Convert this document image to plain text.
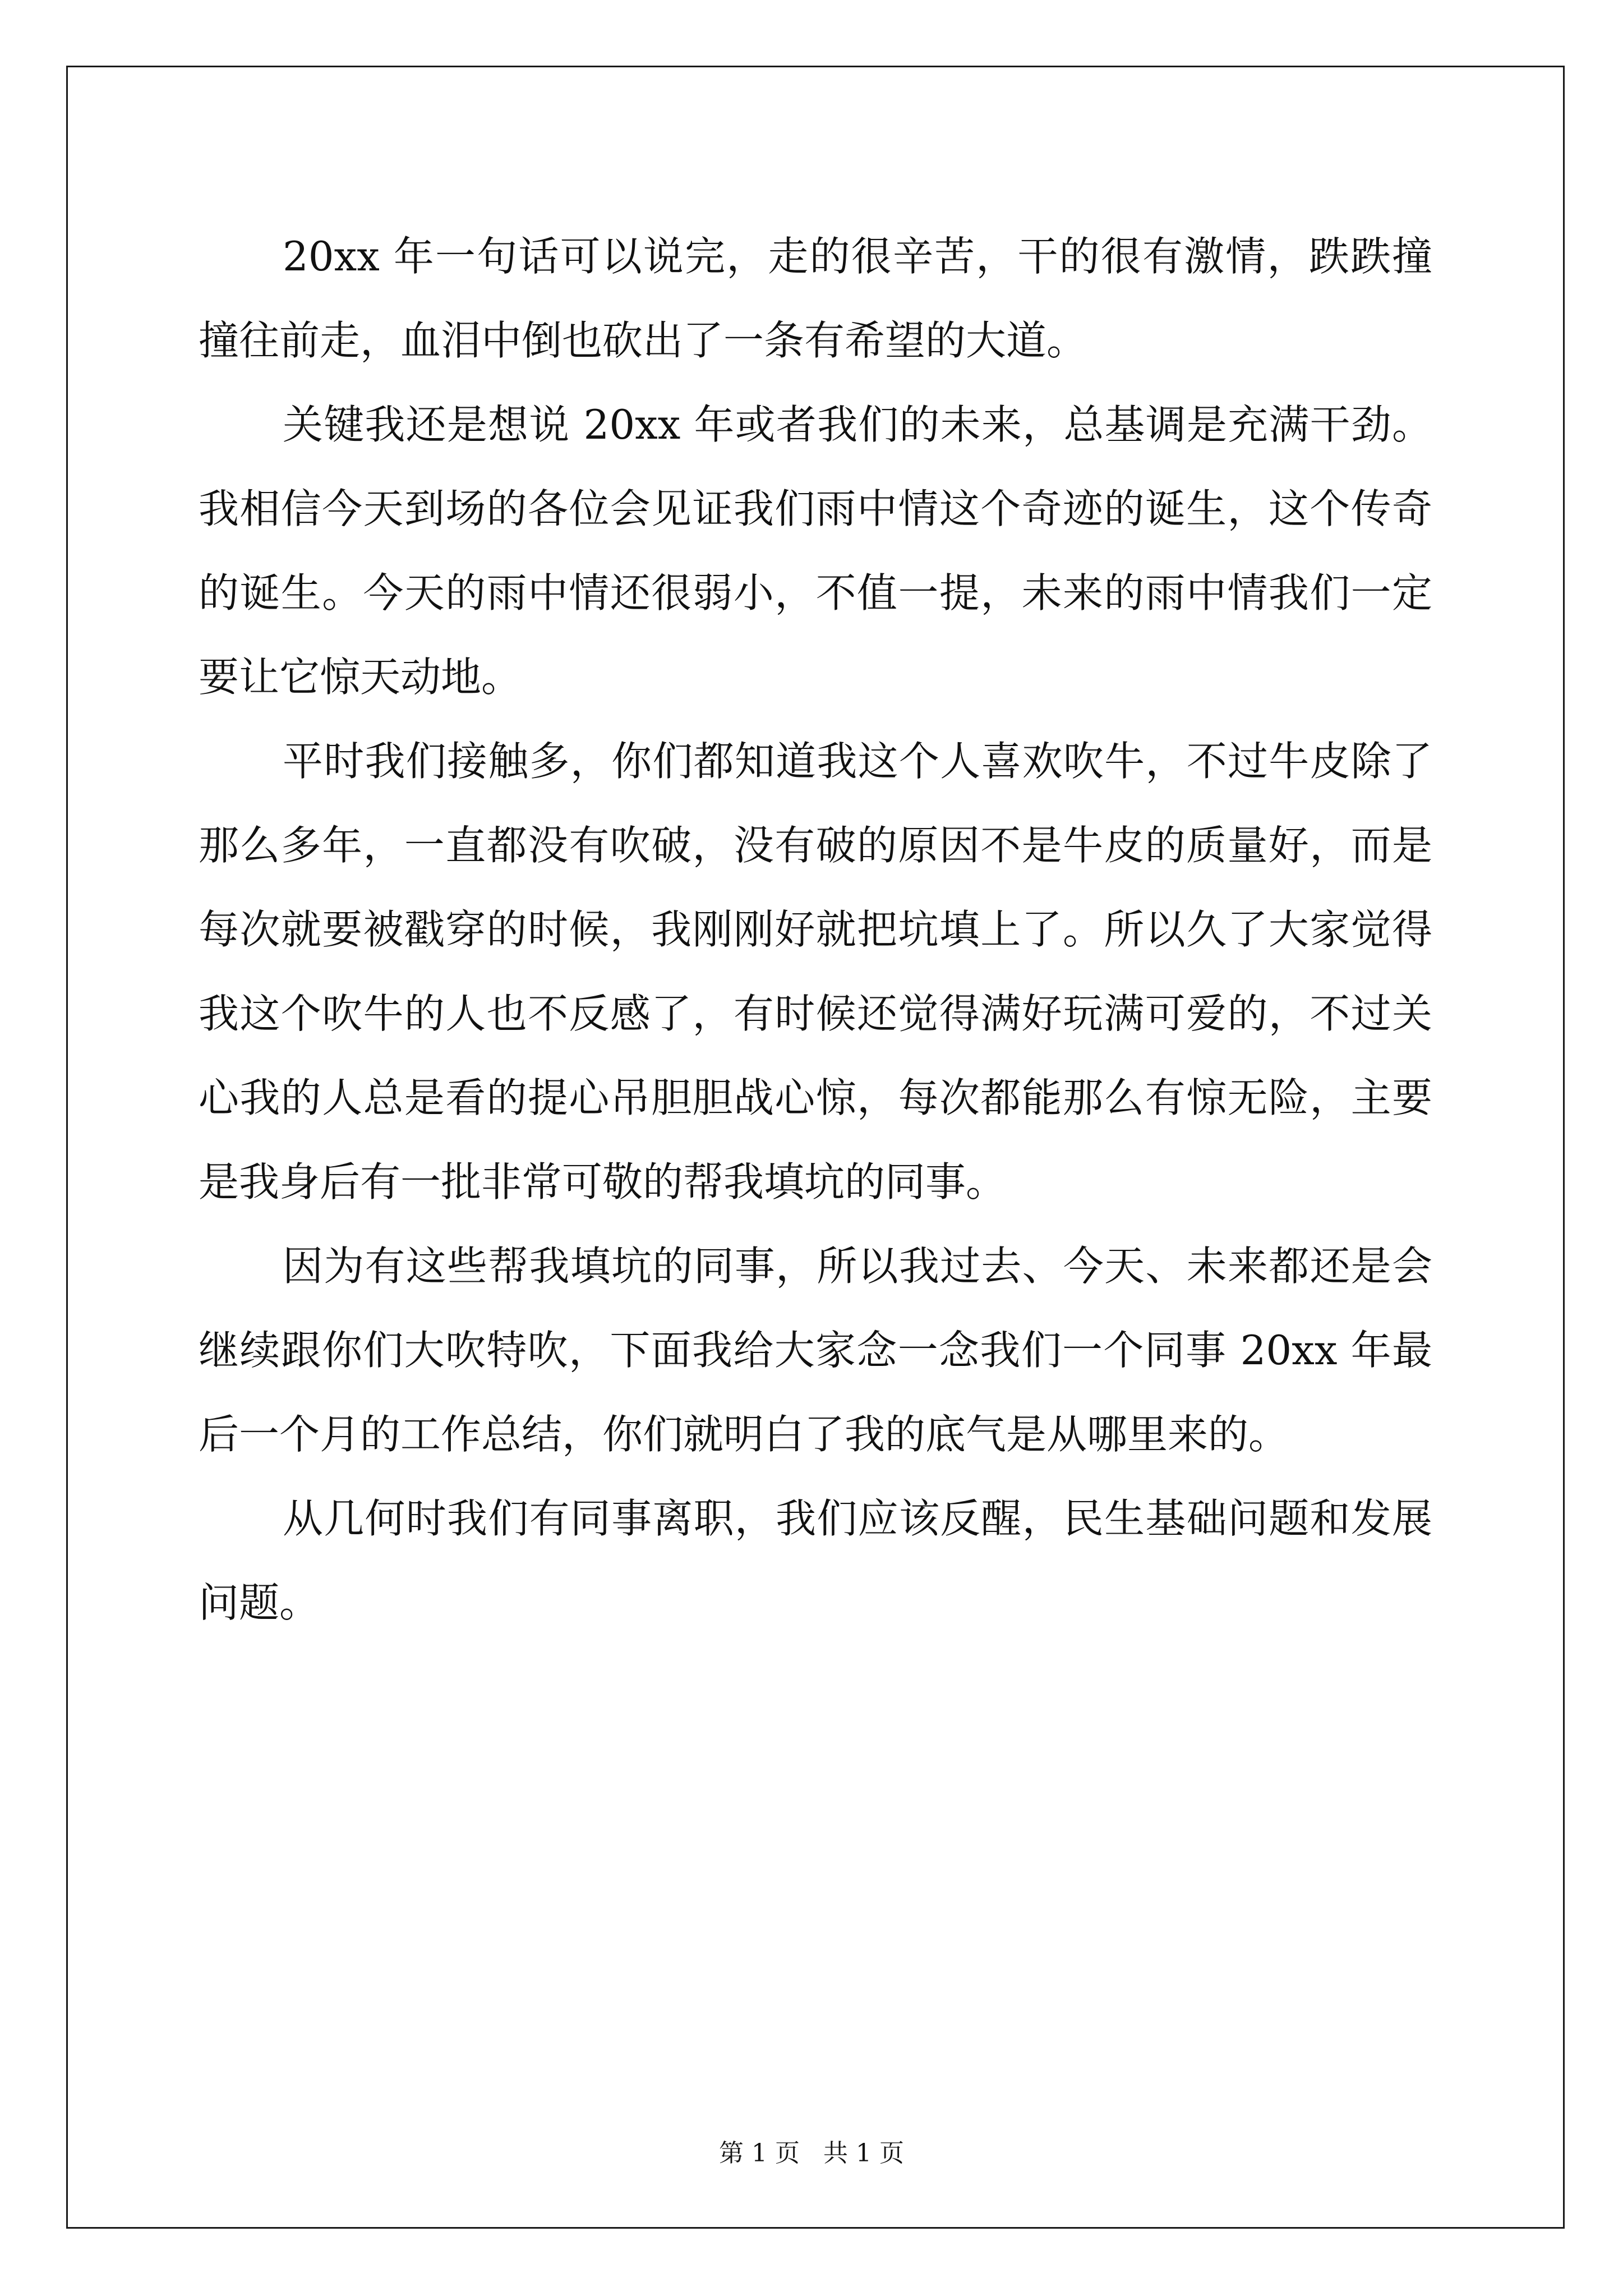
20xx 年一句话可以说完，走的很辛苦，干的很有激情，跌跌撞撞往前走，血泪中倒也砍出了一条有希望的大道。

关键我还是想说 20xx 年或者我们的未来，总基调是充满干劲。我相信今天到场的各位会见证我们雨中情这个奇迹的诞生，这个传奇的诞生。今天的雨中情还很弱小，不值一提，未来的雨中情我们一定要让它惊天动地。

平时我们接触多，你们都知道我这个人喜欢吹牛，不过牛皮除了那么多年，一直都没有吹破，没有破的原因不是牛皮的质量好，而是每次就要被戳穿的时候，我刚刚好就把坑填上了。所以久了大家觉得我这个吹牛的人也不反感了，有时候还觉得满好玩满可爱的，不过关心我的人总是看的提心吊胆胆战心惊，每次都能那么有惊无险，主要是我身后有一批非常可敬的帮我填坑的同事。

因为有这些帮我填坑的同事，所以我过去、今天、未来都还是会继续跟你们大吹特吹，下面我给大家念一念我们一个同事 20xx 年最后一个月的工作总结，你们就明白了我的底气是从哪里来的。

从几何时我们有同事离职，我们应该反醒，民生基础问题和发展问题。

第 1 页   共 1 页
